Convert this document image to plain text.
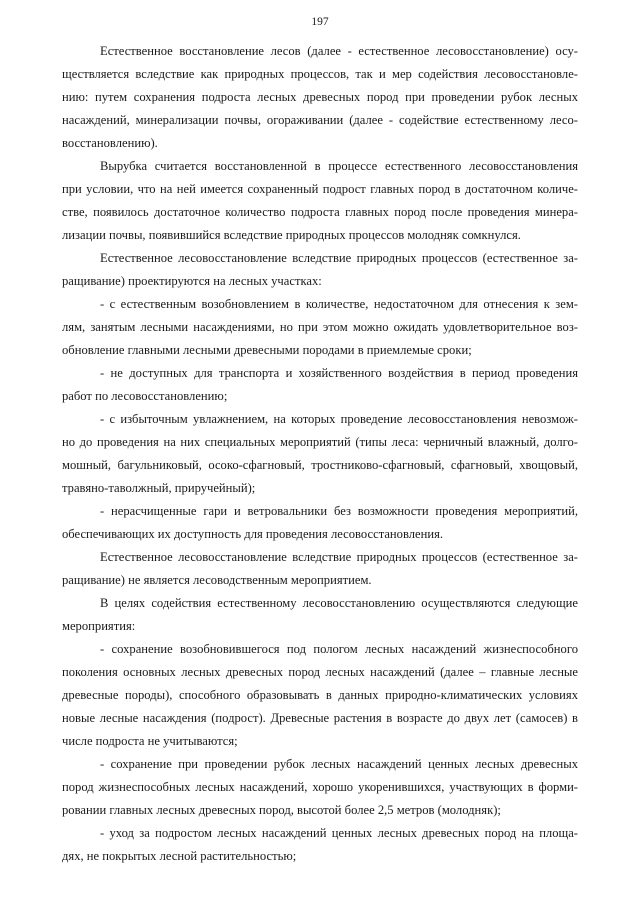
197
Естественное восстановление лесов (далее - естественное лесовосстановление) осу-
ществляется вследствие как природных процессов, так и мер содействия лесовосстановле-
нию: путем сохранения подроста лесных древесных пород при проведении рубок лесных
насаждений, минерализации почвы, огораживании (далее - содействие естественному лесо-
восстановлению).
Вырубка считается восстановленной в процессе естественного лесовосстановления
при условии, что на ней имеется сохраненный подрост главных пород в достаточном количе-
стве, появилось достаточное количество подроста главных пород после проведения минера-
лизации почвы, появившийся вследствие природных процессов молодняк сомкнулся.
Естественное лесовосстановление вследствие природных процессов (естественное за-
ращивание) проектируются на лесных участках:
- с естественным возобновлением в количестве, недостаточном для отнесения к зем-
лям, занятым лесными насаждениями, но при этом можно ожидать удовлетворительное воз-
обновление главными лесными древесными породами в приемлемые сроки;
- не доступных для транспорта и хозяйственного воздействия в период проведения
работ по лесовосстановлению;
- с избыточным увлажнением, на которых проведение лесовосстановления невозмож-
но до проведения на них специальных мероприятий (типы леса: черничный влажный, долго-
мошный, багульниковый, осоко-сфагновый, тростниково-сфагновый, сфагновый, хвощовый,
травяно-таволжный, приручейный);
- нерасчищенные гари и ветровальники без возможности проведения мероприятий,
обеспечивающих их доступность для проведения лесовосстановления.
Естественное лесовосстановление вследствие природных процессов (естественное за-
ращивание) не является лесоводственным мероприятием.
В целях содействия естественному лесовосстановлению осуществляются следующие
мероприятия:
- сохранение возобновившегося под пологом лесных насаждений жизнеспособного
поколения основных лесных древесных пород лесных насаждений (далее – главные лесные
древесные породы), способного образовывать в данных природно-климатических условиях
новые лесные насаждения (подрост). Древесные растения в возрасте до двух лет (самосев) в
числе подроста не учитываются;
- сохранение при проведении рубок лесных насаждений ценных лесных древесных
пород жизнеспособных лесных насаждений, хорошо укоренившихся, участвующих в форми-
ровании главных лесных древесных пород, высотой более 2,5 метров (молодняк);
- уход за подростом лесных насаждений ценных лесных древесных пород на площа-
дях, не покрытых лесной растительностью;
